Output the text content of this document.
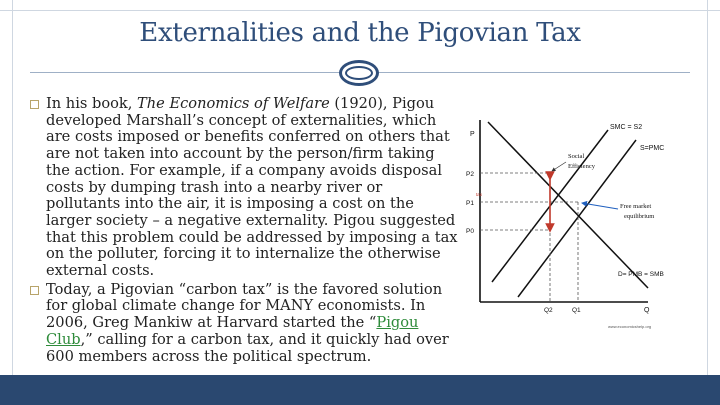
Externalities and the Pigovian Tax
In his book, The Economics of Welfare (1920), Pigou developed Marshall’s concept of externalities, which are costs imposed or benefits conferred on others that are not taken into account by the person/firm taking the action. For example, if a company avoids disposal costs by dumping trash into a nearby river or pollutants into the air, it is imposing a cost on the larger society – a negative externality. Pigou suggested that this problem could be addressed by imposing a tax on the polluter, forcing it to internalize the otherwise external costs.
Today, a Pigovian “carbon tax” is the favored solution for global climate change for MANY economists. In 2006, Greg Mankiw at Harvard started the “Pigou Club,” calling for a carbon tax, and it quickly had over 600 members across the political spectrum.
P
Q
tax
P2
P1
P0
Q2	Q1
SMC = S2
S=PMC
Social
Efficiency
Free market
equilibrium
D= PMB = SMB
www.economicshelp.org
